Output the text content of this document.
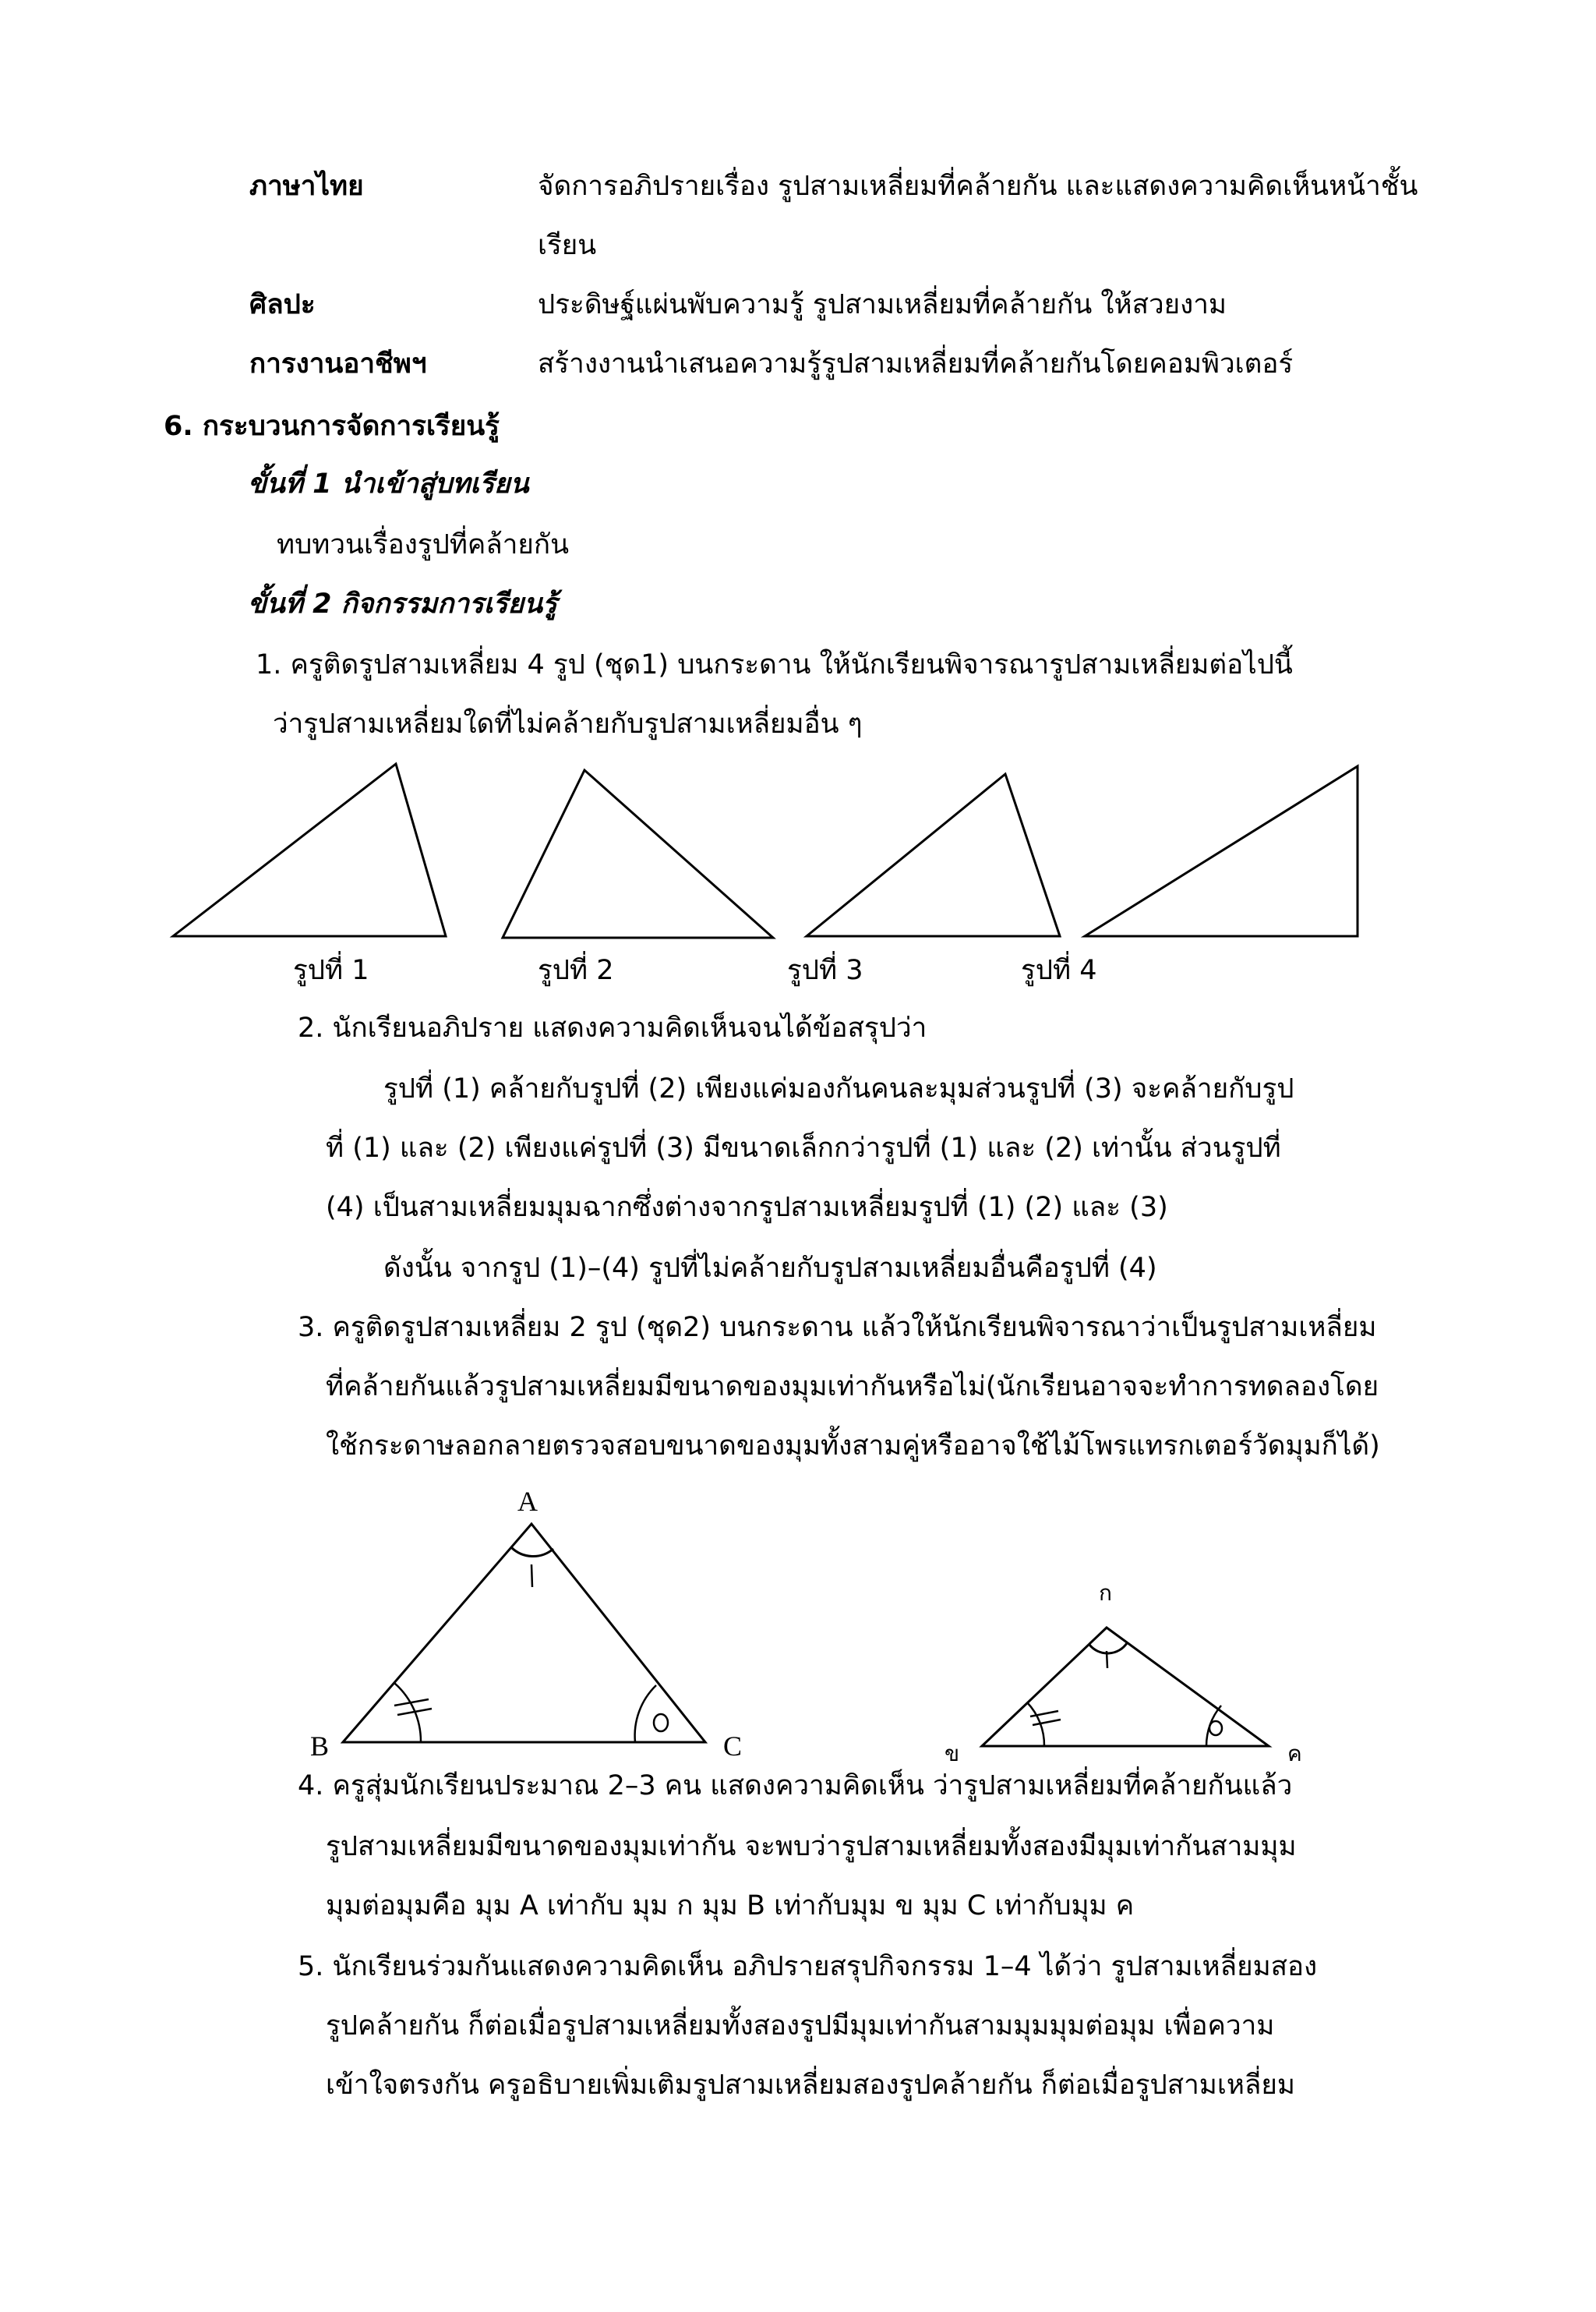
ภาษาไทย	จัดการอภิปรายเรื่อง รูปสามเหลี่ยมที่คล้ายกัน และแสดงความคิดเห็นหน้าชั้น
เรียน
ศิลปะ	ประดิษฐ์แผ่นพับความรู้ รูปสามเหลี่ยมที่คล้ายกัน ให้สวยงาม
การงานอาชีพฯ	สร้างงานนำเสนอความรู้รูปสามเหลี่ยมที่คล้ายกันโดยคอมพิวเตอร์
6. กระบวนการจัดการเรียนรู้
ขั้นที่ 1 นำเข้าสู่บทเรียน
ทบทวนเรื่องรูปที่คล้ายกัน
ขั้นที่ 2 กิจกรรมการเรียนรู้
1. ครูติดรูปสามเหลี่ยม 4 รูป (ชุด1) บนกระดาน ให้นักเรียนพิจารณารูปสามเหลี่ยมต่อไปนี้
ว่ารูปสามเหลี่ยมใดที่ไม่คล้ายกับรูปสามเหลี่ยมอื่น ๆ
รูปที่ 1	รูปที่ 2	รูปที่ 3	รูปที่ 4
2. นักเรียนอภิปราย แสดงความคิดเห็นจนได้ข้อสรุปว่า
รูปที่ (1) คล้ายกับรูปที่ (2) เพียงแค่มองกันคนละมุมส่วนรูปที่ (3) จะคล้ายกับรูป
ที่ (1) และ (2) เพียงแค่รูปที่ (3) มีขนาดเล็กกว่ารูปที่ (1) และ (2) เท่านั้น ส่วนรูปที่
(4) เป็นสามเหลี่ยมมุมฉากซึ่งต่างจากรูปสามเหลี่ยมรูปที่ (1) (2) และ (3)
ดังนั้น จากรูป (1)–(4) รูปที่ไม่คล้ายกับรูปสามเหลี่ยมอื่นคือรูปที่ (4)
3. ครูติดรูปสามเหลี่ยม 2 รูป (ชุด2) บนกระดาน แล้วให้นักเรียนพิจารณาว่าเป็นรูปสามเหลี่ยม
ที่คล้ายกันแล้วรูปสามเหลี่ยมมีขนาดของมุมเท่ากันหรือไม่(นักเรียนอาจจะทำการทดลองโดย
ใช้กระดาษลอกลายตรวจสอบขนาดของมุมทั้งสามคู่หรืออาจใช้ไม้โพรแทรกเตอร์วัดมุมก็ได้)
A
B	C
ก
ข	ค
4. ครูสุ่มนักเรียนประมาณ 2–3 คน แสดงความคิดเห็น ว่ารูปสามเหลี่ยมที่คล้ายกันแล้ว
รูปสามเหลี่ยมมีขนาดของมุมเท่ากัน จะพบว่ารูปสามเหลี่ยมทั้งสองมีมุมเท่ากันสามมุม
มุมต่อมุมคือ มุม A เท่ากับ มุม ก มุม B เท่ากับมุม ข มุม C เท่ากับมุม ค
5. นักเรียนร่วมกันแสดงความคิดเห็น อภิปรายสรุปกิจกรรม 1–4 ได้ว่า รูปสามเหลี่ยมสอง
รูปคล้ายกัน ก็ต่อเมื่อรูปสามเหลี่ยมทั้งสองรูปมีมุมเท่ากันสามมุมมุมต่อมุม เพื่อความ
เข้าใจตรงกัน ครูอธิบายเพิ่มเติมรูปสามเหลี่ยมสองรูปคล้ายกัน ก็ต่อเมื่อรูปสามเหลี่ยม
